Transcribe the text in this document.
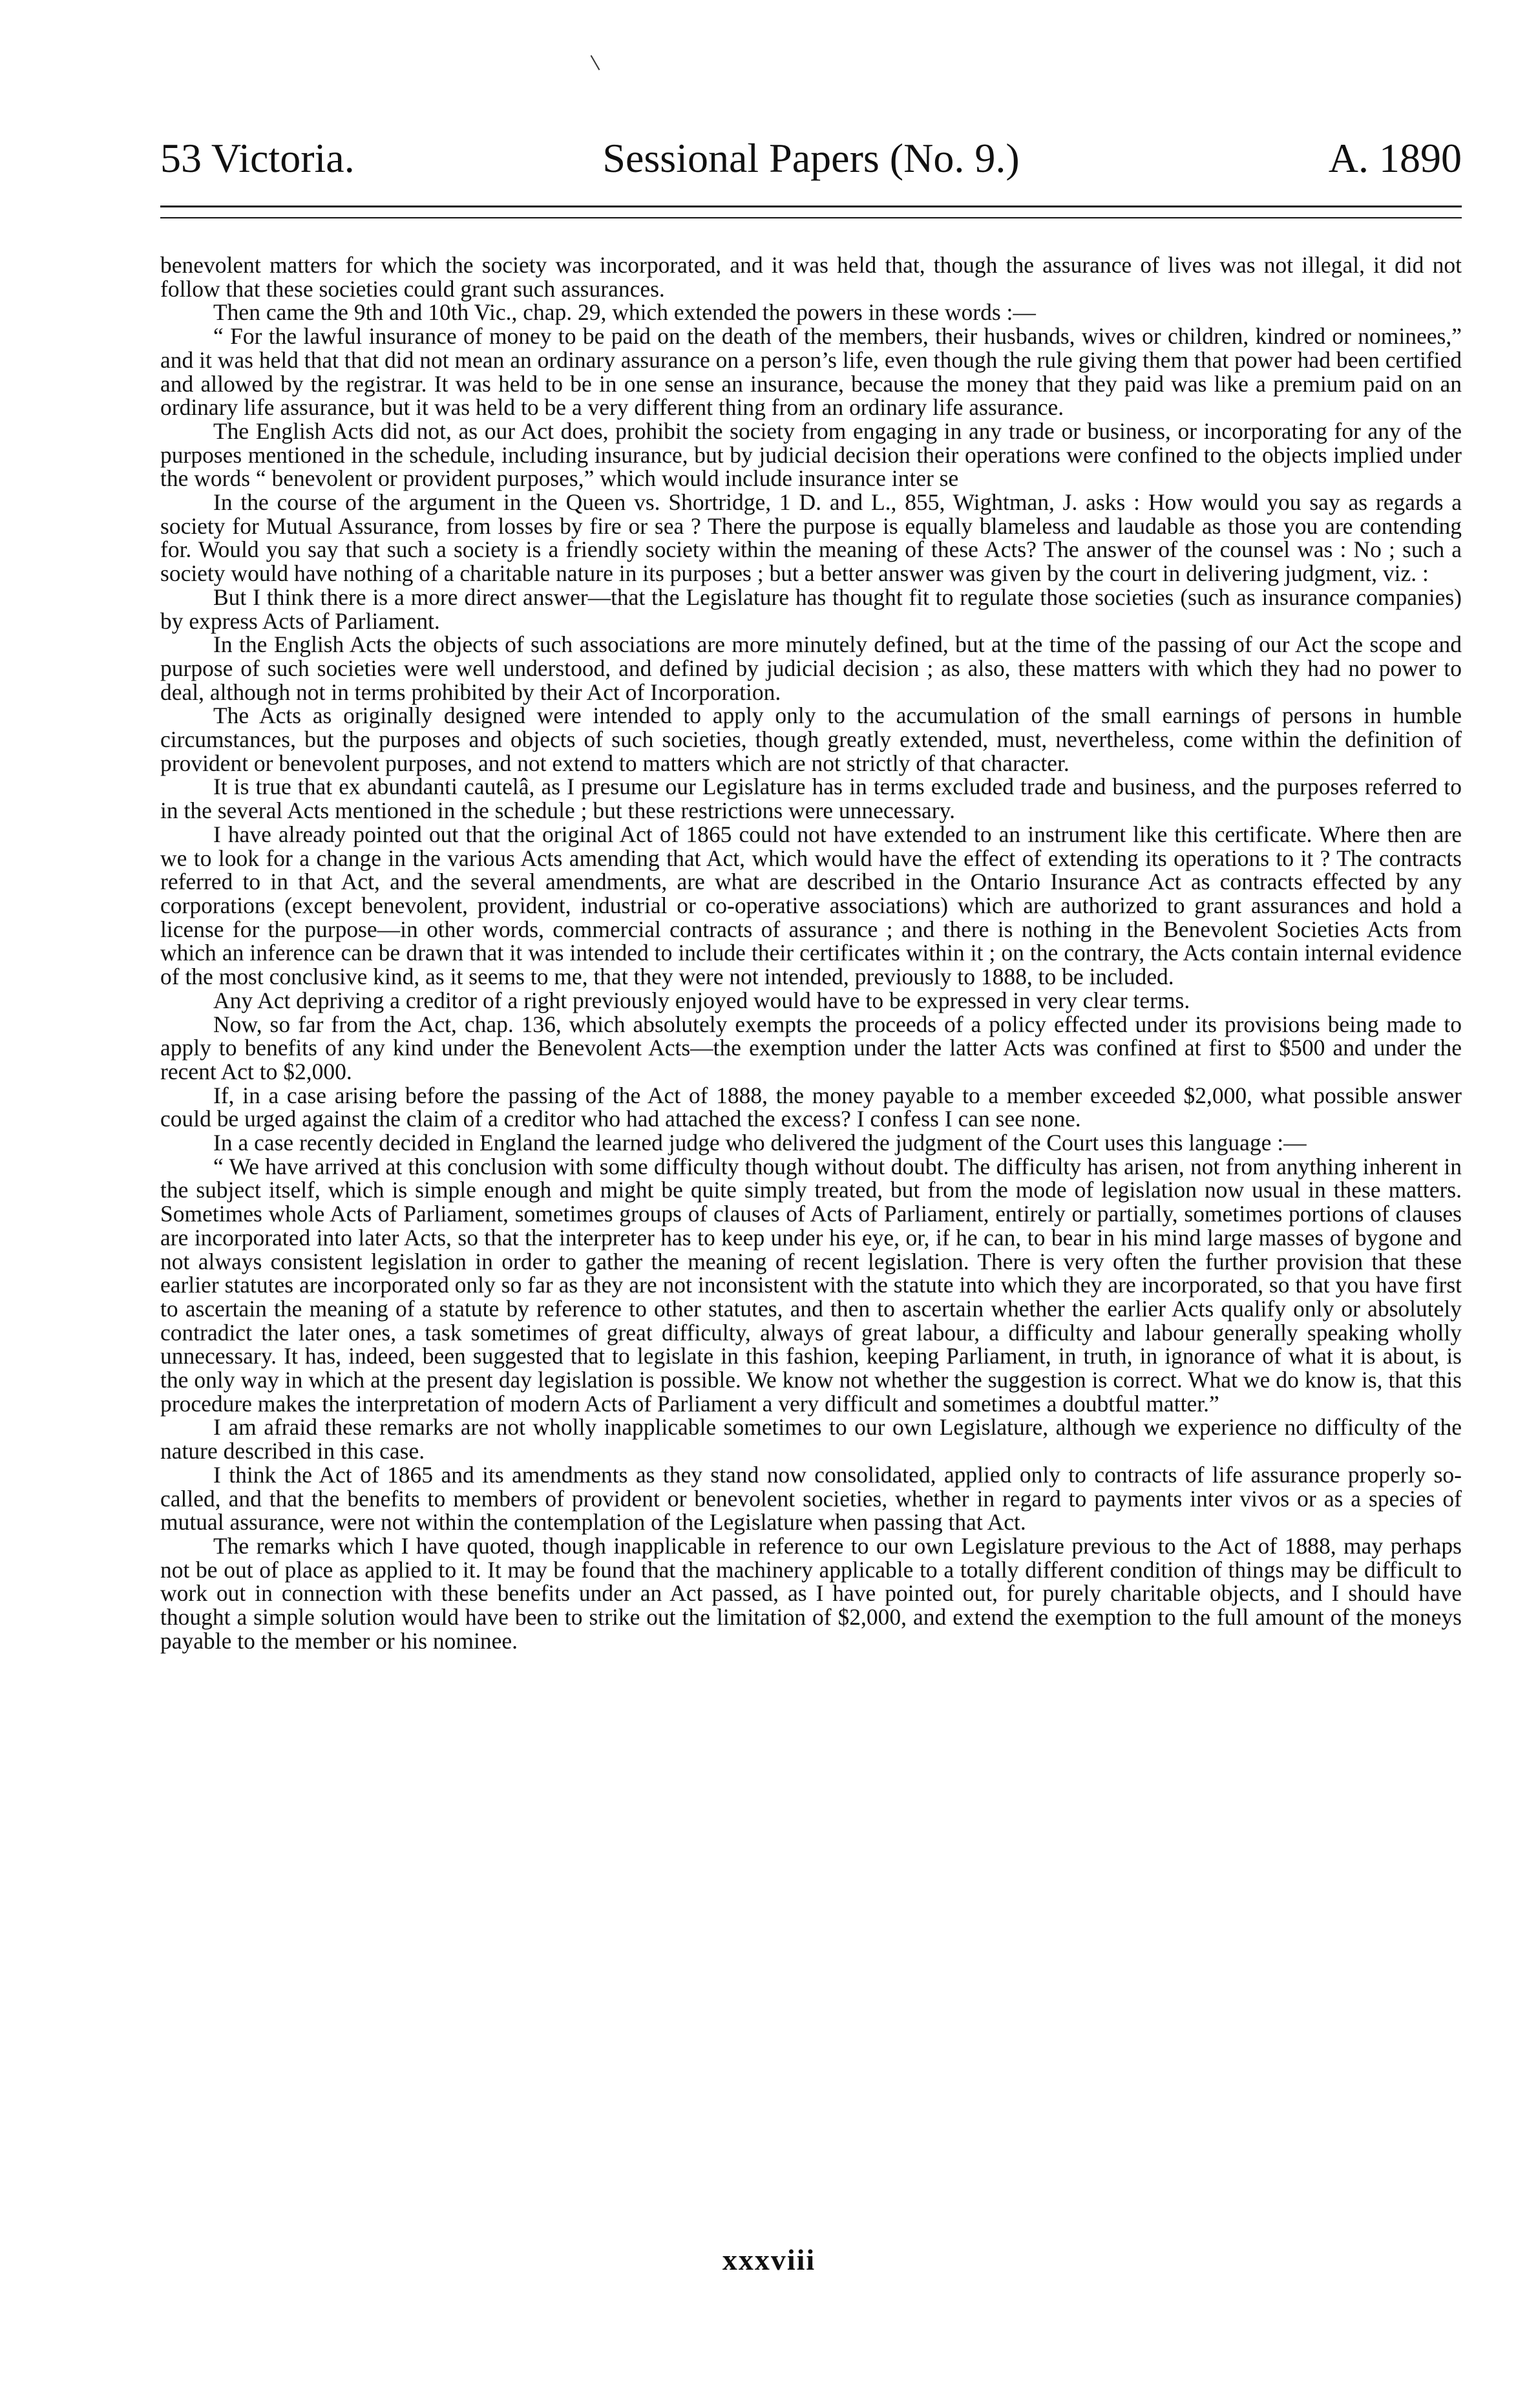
53 Victoria.	Sessional Papers (No. 9.)	A. 1890

benevolent matters for which the society was incorporated, and it was held that, though the assurance of lives was not illegal, it did not follow that these societies could grant such assurances.

Then came the 9th and 10th Vic., chap. 29, which extended the powers in these words :—

“ For the lawful insurance of money to be paid on the death of the members, their husbands, wives or children, kindred or nominees,” and it was held that that did not mean an ordinary assurance on a person’s life, even though the rule giving them that power had been certified and allowed by the registrar. It was held to be in one sense an insurance, because the money that they paid was like a premium paid on an ordinary life assurance, but it was held to be a very different thing from an ordinary life assurance.

The English Acts did not, as our Act does, prohibit the society from engaging in any trade or business, or incorporating for any of the purposes mentioned in the schedule, including insurance, but by judicial decision their operations were confined to the objects implied under the words “ benevolent or provident purposes,” which would include insurance inter se

In the course of the argument in the Queen vs. Shortridge, 1 D. and L., 855, Wightman, J. asks : How would you say as regards a society for Mutual Assurance, from losses by fire or sea ? There the purpose is equally blameless and laudable as those you are contending for. Would you say that such a society is a friendly society within the meaning of these Acts? The answer of the counsel was : No ; such a society would have nothing of a charitable nature in its purposes ; but a better answer was given by the court in delivering judgment, viz. :

But I think there is a more direct answer—that the Legislature has thought fit to regulate those societies (such as insurance companies) by express Acts of Parliament.

In the English Acts the objects of such associations are more minutely defined, but at the time of the passing of our Act the scope and purpose of such societies were well understood, and defined by judicial decision ; as also, these matters with which they had no power to deal, although not in terms prohibited by their Act of Incorporation.

The Acts as originally designed were intended to apply only to the accumulation of the small earnings of persons in humble circumstances, but the purposes and objects of such societies, though greatly extended, must, nevertheless, come within the definition of provident or benevolent purposes, and not extend to matters which are not strictly of that character.

It is true that ex abundanti cautelâ, as I presume our Legislature has in terms excluded trade and business, and the purposes referred to in the several Acts mentioned in the schedule ; but these restrictions were unnecessary.

I have already pointed out that the original Act of 1865 could not have extended to an instrument like this certificate. Where then are we to look for a change in the various Acts amending that Act, which would have the effect of extending its operations to it ? The contracts referred to in that Act, and the several amendments, are what are described in the Ontario Insurance Act as contracts effected by any corporations (except benevolent, provident, industrial or co-operative associations) which are authorized to grant assurances and hold a license for the purpose—in other words, commercial contracts of assurance ; and there is nothing in the Benevolent Societies Acts from which an inference can be drawn that it was intended to include their certificates within it ; on the contrary, the Acts contain internal evidence of the most conclusive kind, as it seems to me, that they were not intended, previously to 1888, to be included.

Any Act depriving a creditor of a right previously enjoyed would have to be expressed in very clear terms.

Now, so far from the Act, chap. 136, which absolutely exempts the proceeds of a policy effected under its provisions being made to apply to benefits of any kind under the Benevolent Acts—the exemption under the latter Acts was confined at first to $500 and under the recent Act to $2,000.

If, in a case arising before the passing of the Act of 1888, the money payable to a member exceeded $2,000, what possible answer could be urged against the claim of a creditor who had attached the excess? I confess I can see none.

In a case recently decided in England the learned judge who delivered the judgment of the Court uses this language :—

“ We have arrived at this conclusion with some difficulty though without doubt. The difficulty has arisen, not from anything inherent in the subject itself, which is simple enough and might be quite simply treated, but from the mode of legislation now usual in these matters. Sometimes whole Acts of Parliament, sometimes groups of clauses of Acts of Parliament, entirely or partially, sometimes portions of clauses are incorporated into later Acts, so that the interpreter has to keep under his eye, or, if he can, to bear in his mind large masses of bygone and not always consistent legislation in order to gather the meaning of recent legislation. There is very often the further provision that these earlier statutes are incorporated only so far as they are not inconsistent with the statute into which they are incorporated, so that you have first to ascertain the meaning of a statute by reference to other statutes, and then to ascertain whether the earlier Acts qualify only or absolutely contradict the later ones, a task sometimes of great difficulty, always of great labour, a difficulty and labour generally speaking wholly unnecessary. It has, indeed, been suggested that to legislate in this fashion, keeping Parliament, in truth, in ignorance of what it is about, is the only way in which at the present day legislation is possible. We know not whether the suggestion is correct. What we do know is, that this procedure makes the interpretation of modern Acts of Parliament a very difficult and sometimes a doubtful matter.”

I am afraid these remarks are not wholly inapplicable sometimes to our own Legislature, although we experience no difficulty of the nature described in this case.

I think the Act of 1865 and its amendments as they stand now consolidated, applied only to contracts of life assurance properly so-called, and that the benefits to members of provident or benevolent societies, whether in regard to payments inter vivos or as a species of mutual assurance, were not within the contemplation of the Legislature when passing that Act.

The remarks which I have quoted, though inapplicable in reference to our own Legislature previous to the Act of 1888, may perhaps not be out of place as applied to it. It may be found that the machinery applicable to a totally different condition of things may be difficult to work out in connection with these benefits under an Act passed, as I have pointed out, for purely charitable objects, and I should have thought a simple solution would have been to strike out the limitation of $2,000, and extend the exemption to the full amount of the moneys payable to the member or his nominee.

xxxviii
